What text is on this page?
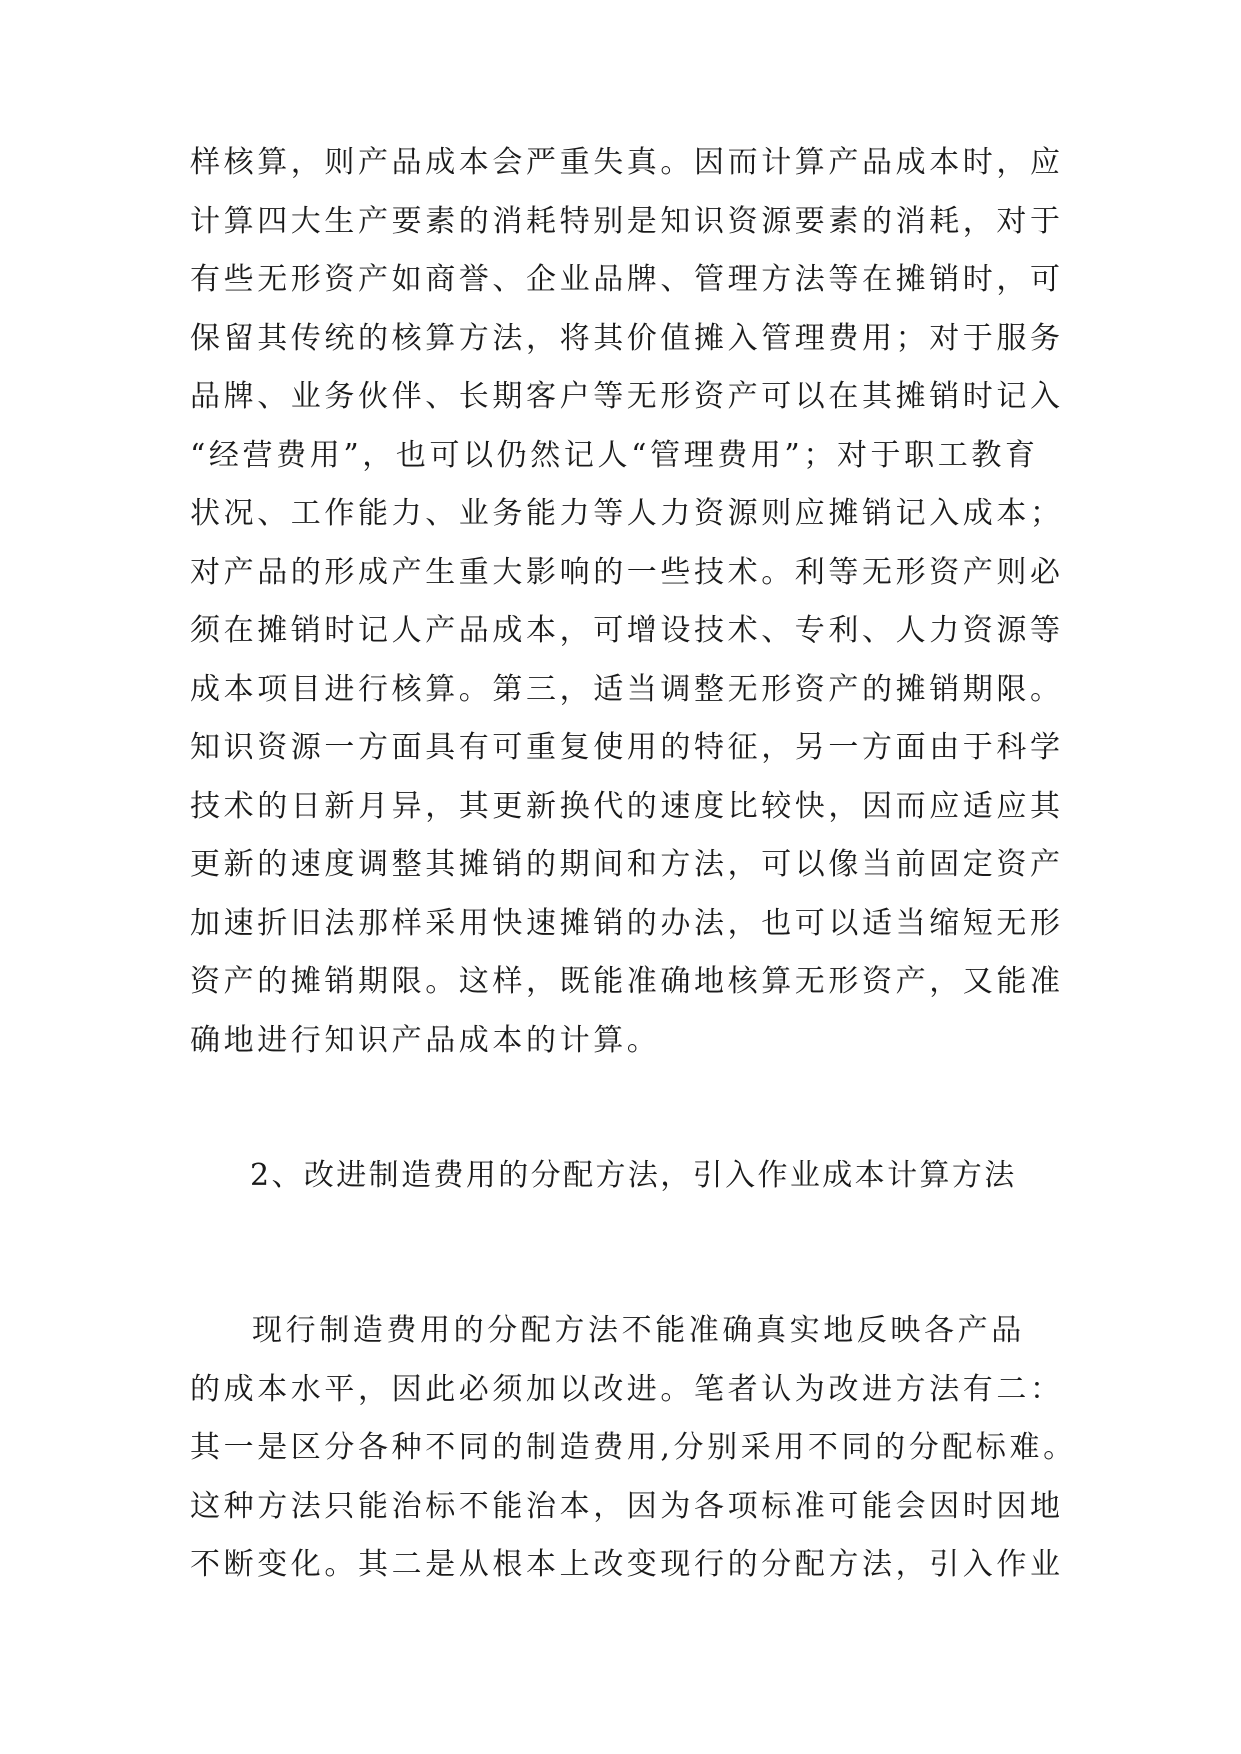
样核算，则产品成本会严重失真。因而计算产品成本时，应
计算四大生产要素的消耗特别是知识资源要素的消耗，对于
有些无形资产如商誉、企业品牌、管理方法等在摊销时，可
保留其传统的核算方法，将其价值摊入管理费用；对于服务
品牌、业务伙伴、长期客户等无形资产可以在其摊销时记入
“经营费用”，也可以仍然记人“管理费用”；对于职工教育
状况、工作能力、业务能力等人力资源则应摊销记入成本；
对产品的形成产生重大影响的一些技术。利等无形资产则必
须在摊销时记人产品成本，可增设技术、专利、人力资源等
成本项目进行核算。第三，适当调整无形资产的摊销期限。
知识资源一方面具有可重复使用的特征，另一方面由于科学
技术的日新月异，其更新换代的速度比较快，因而应适应其
更新的速度调整其摊销的期间和方法，可以像当前固定资产
加速折旧法那样采用快速摊销的办法，也可以适当缩短无形
资产的摊销期限。这样，既能准确地核算无形资产，又能准
确地进行知识产品成本的计算。
2、改进制造费用的分配方法，引入作业成本计算方法
现行制造费用的分配方法不能准确真实地反映各产品
的成本水平，因此必须加以改进。笔者认为改进方法有二：
其一是区分各种不同的制造费用,分别采用不同的分配标难。
这种方法只能治标不能治本，因为各项标准可能会因时因地
不断变化。其二是从根本上改变现行的分配方法，引入作业
